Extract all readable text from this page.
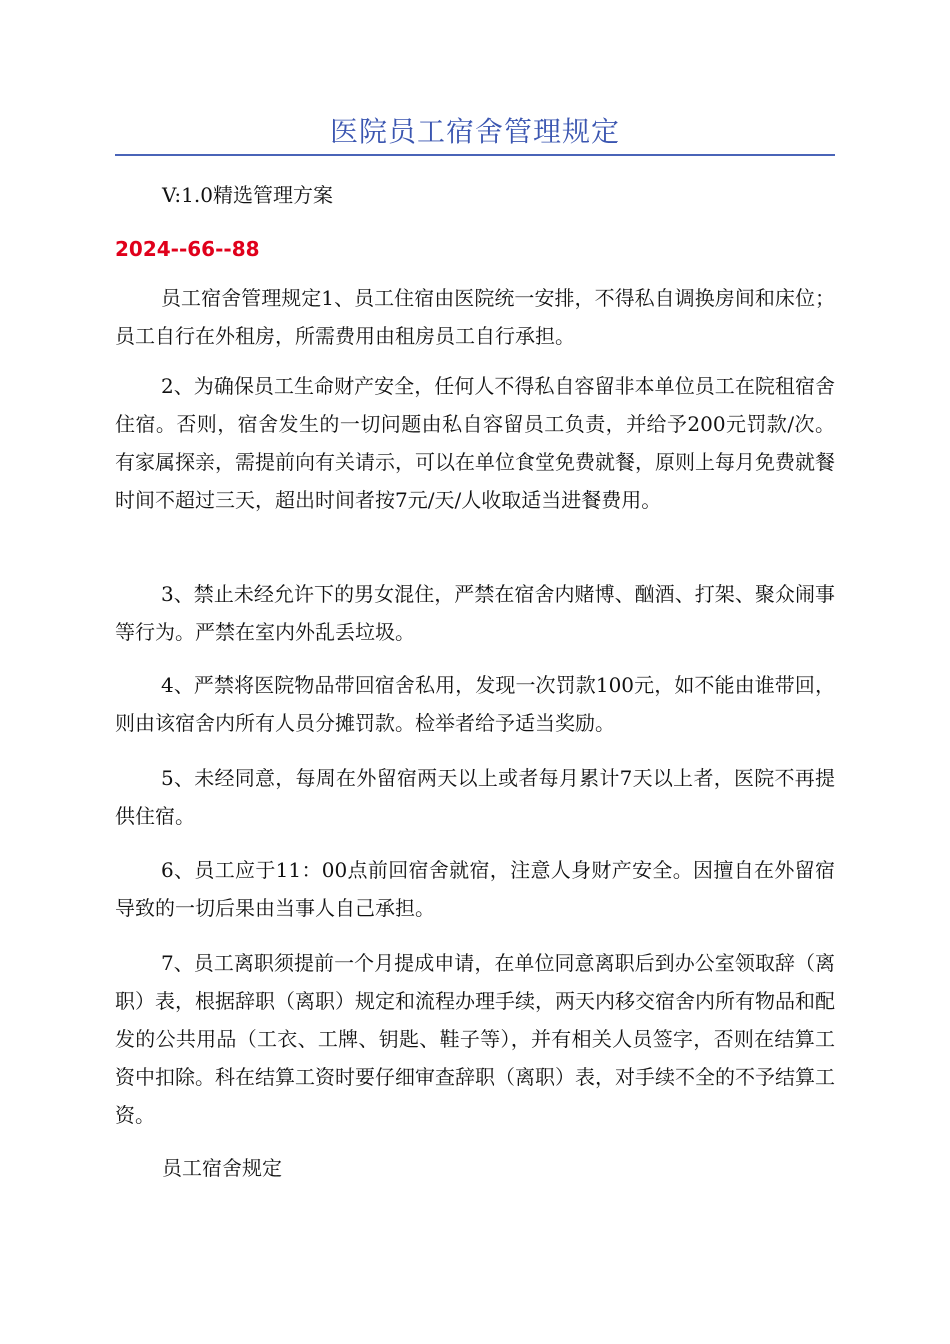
医院员工宿舍管理规定
V:1.0精选管理方案
2024--66--88

员工宿舍管理规定1、员工住宿由医院统一安排，不得私自调换房间和床位；员工自行在外租房，所需费用由租房员工自行承担。

2、为确保员工生命财产安全，任何人不得私自容留非本单位员工在院租宿舍住宿。否则，宿舍发生的一切问题由私自容留员工负责，并给予200元罚款/次。有家属探亲，需提前向有关请示，可以在单位食堂免费就餐，原则上每月免费就餐时间不超过三天，超出时间者按7元/天/人收取适当进餐费用。

3、禁止未经允许下的男女混住，严禁在宿舍内赌博、酗酒、打架、聚众闹事等行为。严禁在室内外乱丢垃圾。

4、严禁将医院物品带回宿舍私用，发现一次罚款100元，如不能由谁带回，则由该宿舍内所有人员分摊罚款。检举者给予适当奖励。

5、未经同意，每周在外留宿两天以上或者每月累计7天以上者，医院不再提供住宿。

6、员工应于11：00点前回宿舍就宿，注意人身财产安全。因擅自在外留宿导致的一切后果由当事人自己承担。

7、员工离职须提前一个月提成申请，在单位同意离职后到办公室领取辞（离职）表，根据辞职（离职）规定和流程办理手续，两天内移交宿舍内所有物品和配发的公共用品（工衣、工牌、钥匙、鞋子等），并有相关人员签字，否则在结算工资中扣除。科在结算工资时要仔细审查辞职（离职）表，对手续不全的不予结算工资。

员工宿舍规定
